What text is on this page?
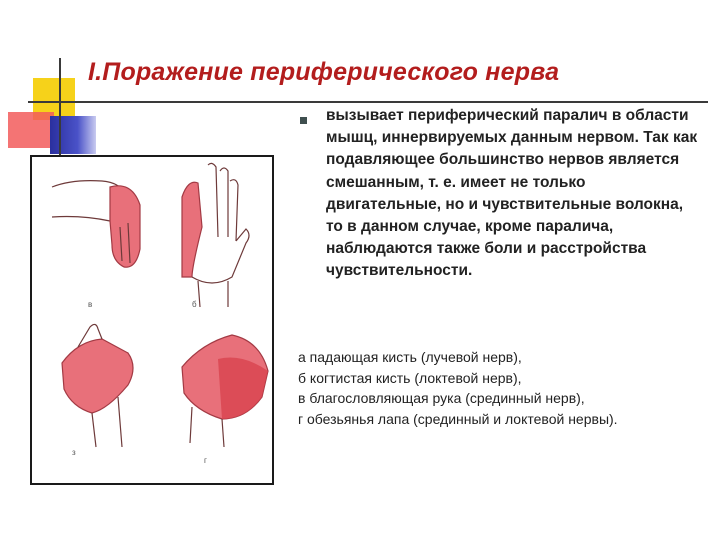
I.Поражение периферического нерва

вызывает периферический паралич в области мышц, иннервируемых данным нервом. Так как подавляющее большинство нервов является смешанным, т. е. имеет не только двигательные, но и чувствительные волокна, то в данном случае, кроме паралича, наблюдаются также боли и расстройства чувствительности.

а падающая кисть (лучевой нерв),
б когтистая кисть (локтевой нерв),
в благословляющая рука (срединный нерв),
г обезьянья лапа (срединный и локтевой нервы).
в	б
з
г
